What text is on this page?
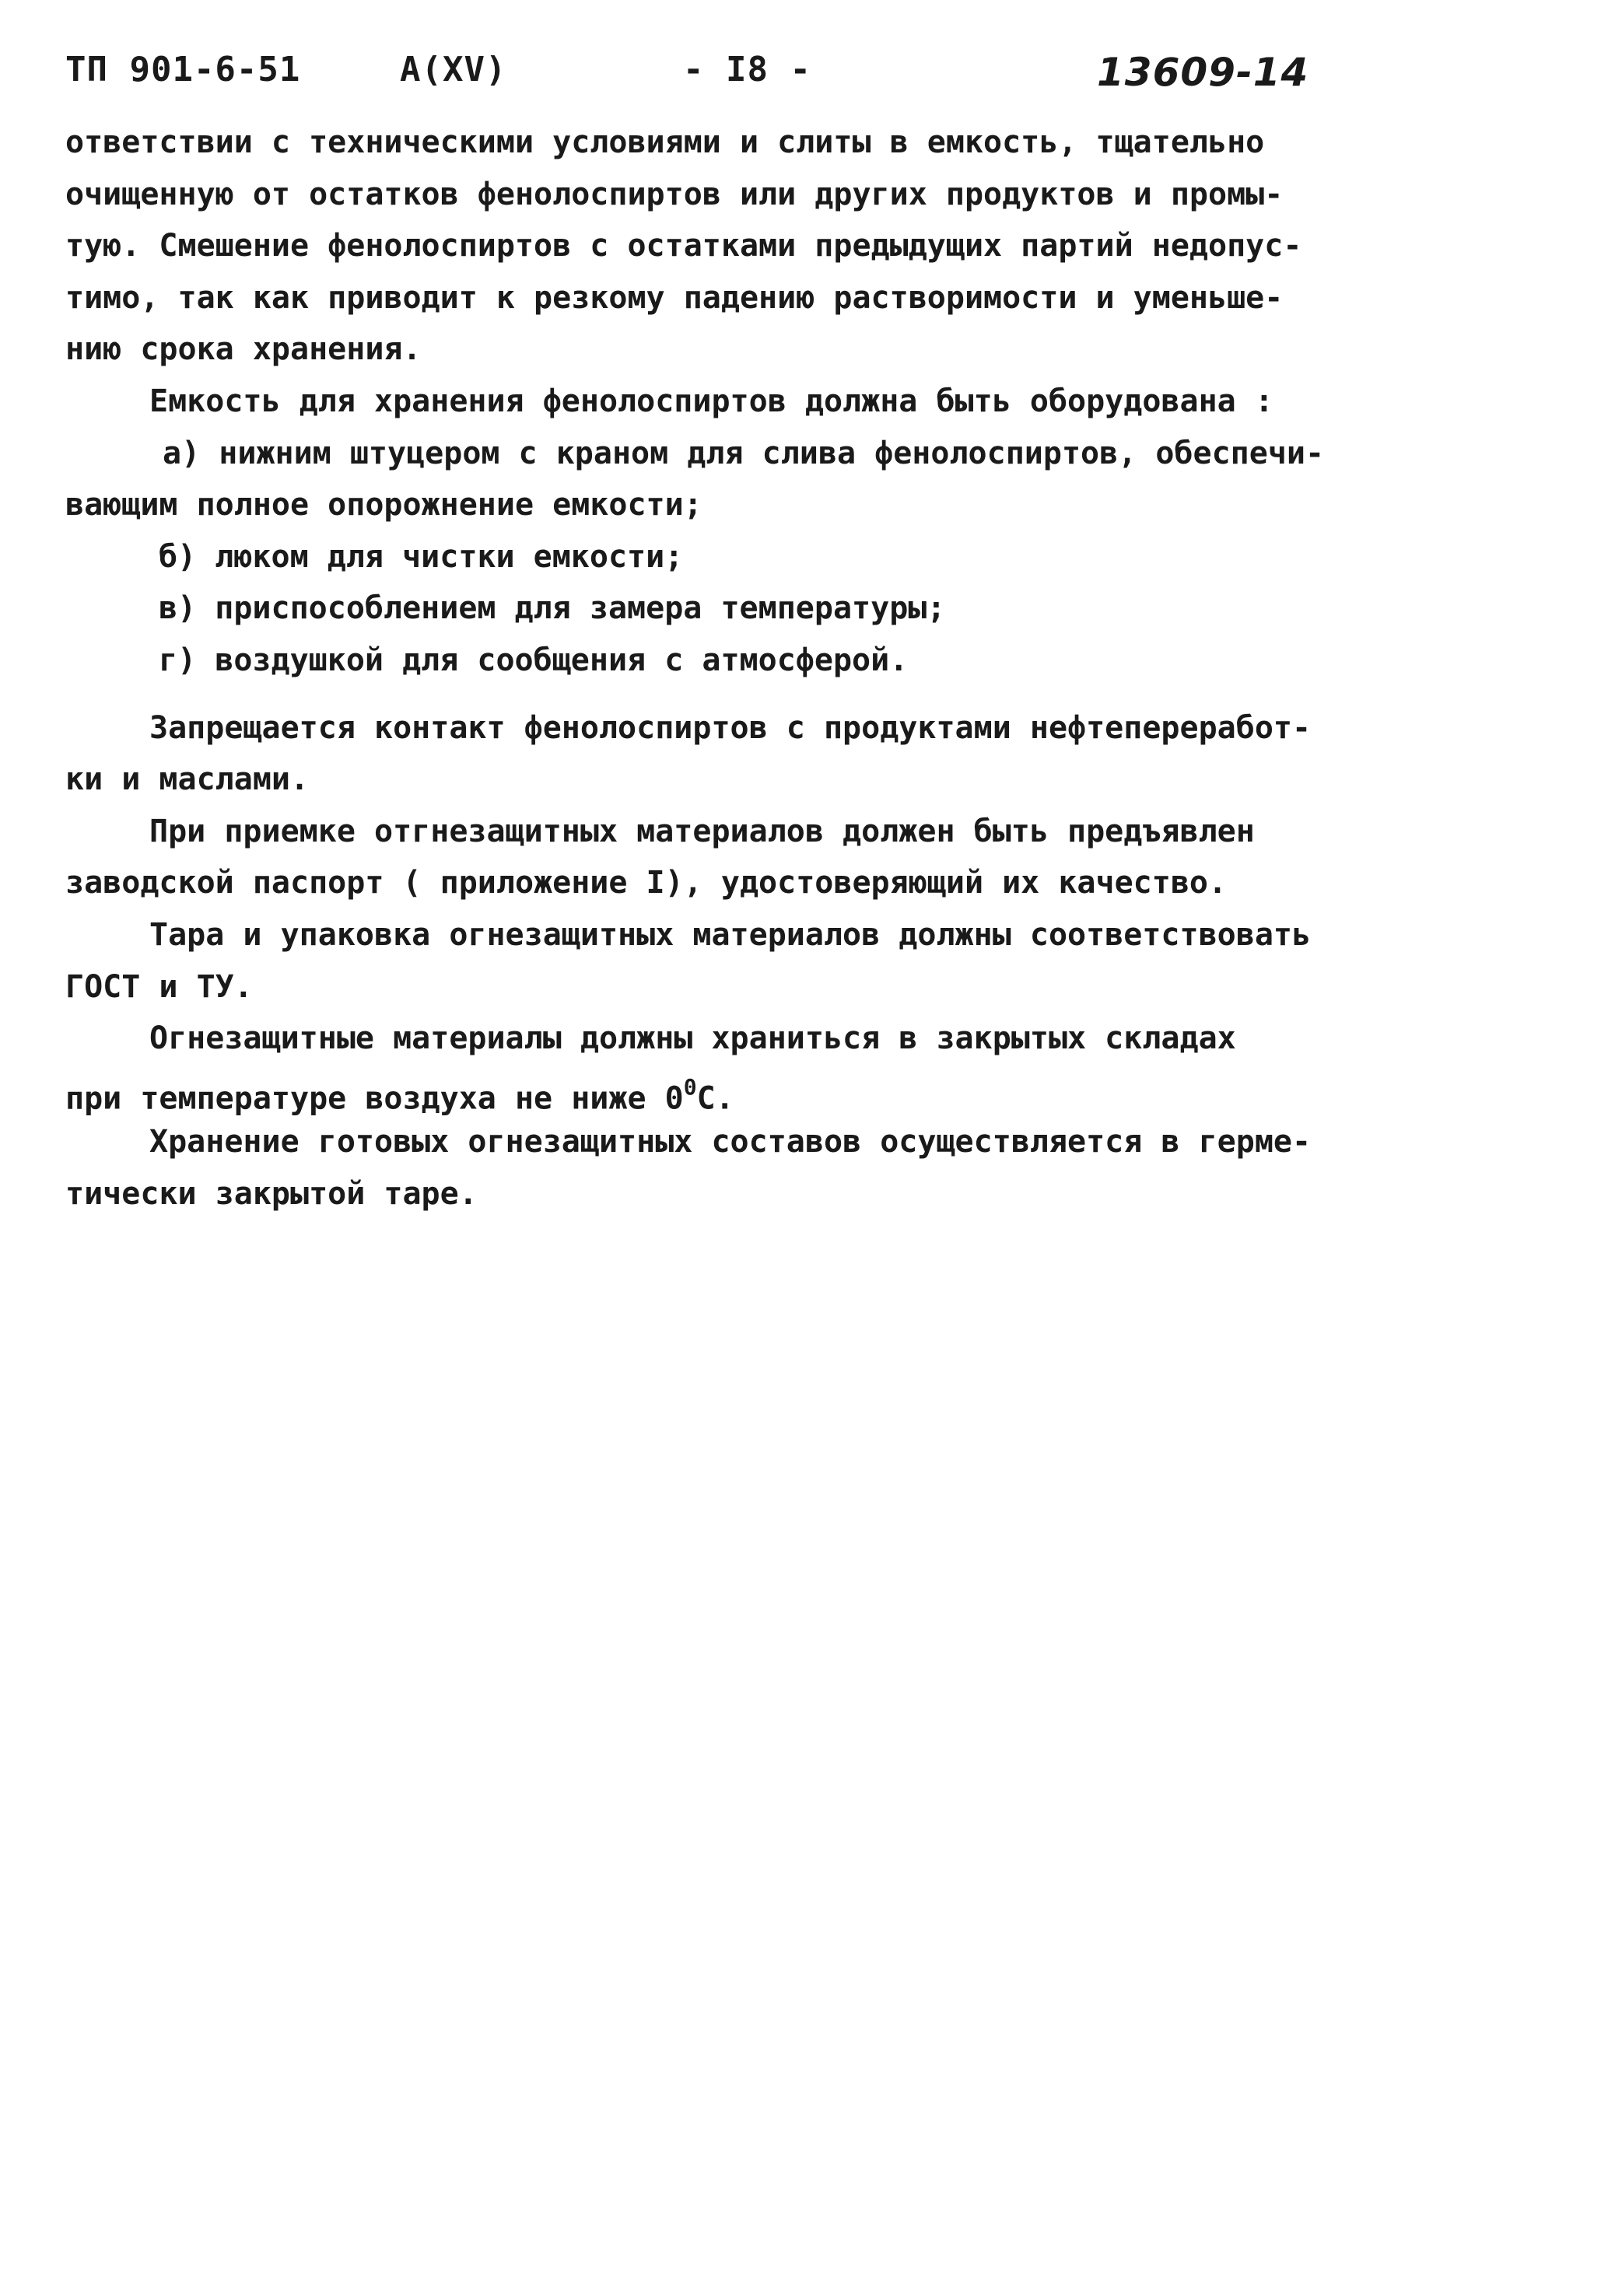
ТП 901-6-51	А(XV)	- I8 -	13609-14
ответствии с техническими условиями и слиты в емкость, тщательно
очищенную от остатков фенолоспиртов или других продуктов и промы-
тую. Смешение фенолоспиртов с остатками предыдущих партий недопус-
тимо, так как приводит к резкому падению растворимости и уменьше-
нию срока хранения.
Емкость для хранения фенолоспиртов должна быть оборудована :
а) нижним штуцером с краном для слива фенолоспиртов, обеспечи-
вающим полное опорожнение емкости;
б) люком для чистки емкости;
в) приспособлением для замера температуры;
г) воздушкой для сообщения с атмосферой.
Запрещается контакт фенолоспиртов с продуктами нефтепереработ-
ки и маслами.
При приемке отгнезащитных материалов должен быть предъявлен
заводской паспорт ( приложение I), удостоверяющий их качество.
Тара и упаковка огнезащитных материалов должны соответствовать
ГОСТ и ТУ.
Огнезащитные материалы должны храниться в закрытых складах
при температуре воздуха не ниже $0^0С$.
Хранение готовых огнезащитных составов осуществляется в герме-
тически закрытой таре.
